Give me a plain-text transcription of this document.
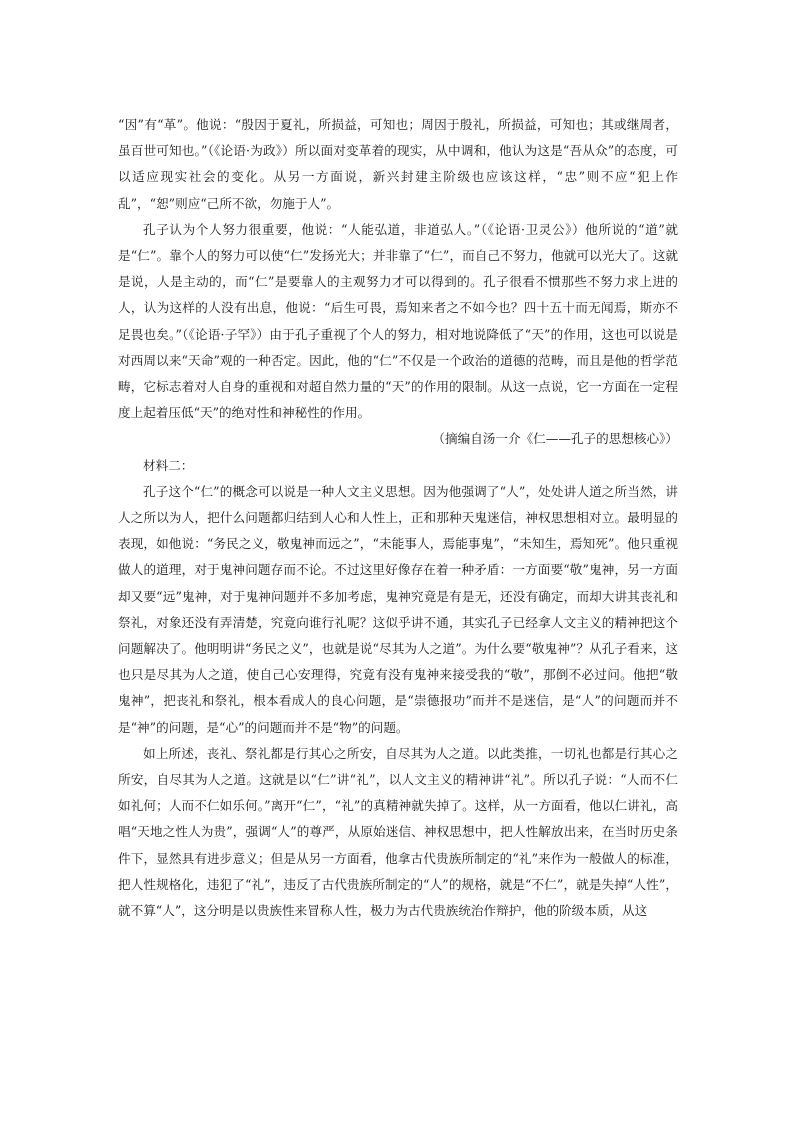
“因”有“革”。他说：“殷因于夏礼，所损益，可知也；周因于殷礼，所损益，可知也；其或继周者，虽百世可知也。”（《论语·为政》）所以面对变革着的现实，从中调和，他认为这是“吾从众”的态度，可以适应现实社会的变化。从另一方面说，新兴封建主阶级也应该这样，“忠”则不应“犯上作乱”，“恕”则应“己所不欲，勿施于人”。

孔子认为个人努力很重要，他说：“人能弘道，非道弘人。”（《论语·卫灵公》）他所说的“道”就是“仁”。靠个人的努力可以使“仁”发扬光大；并非靠了“仁”，而自己不努力，他就可以光大了。这就是说，人是主动的，而“仁”是要靠人的主观努力才可以得到的。孔子很看不惯那些不努力求上进的人，认为这样的人没有出息，他说：“后生可畏，焉知来者之不如今也？四十五十而无闻焉，斯亦不足畏也矣。”（《论语·子罕》）由于孔子重视了个人的努力，相对地说降低了“天”的作用，这也可以说是对西周以来“天命”观的一种否定。因此，他的“仁”不仅是一个政治的道德的范畴，而且是他的哲学范畴，它标志着对人自身的重视和对超自然力量的“天”的作用的限制。从这一点说，它一方面在一定程度上起着压低“天”的绝对性和神秘性的作用。

（摘编自汤一介《仁——孔子的思想核心》）

材料二：

孔子这个“仁”的概念可以说是一种人文主义思想。因为他强调了“人”，处处讲人道之所当然，讲人之所以为人，把什么问题都归结到人心和人性上，正和那种天鬼迷信，神权思想相对立。最明显的表现，如他说：“务民之义，敬鬼神而远之”，“未能事人，焉能事鬼”，“未知生，焉知死”。他只重视做人的道理，对于鬼神问题存而不论。不过这里好像存在着一种矛盾：一方面要“敬”鬼神，另一方面却又要“远”鬼神，对于鬼神问题并不多加考虑，鬼神究竟是有是无，还没有确定，而却大讲其丧礼和祭礼，对象还没有弄清楚，究竟向谁行礼呢？这似乎讲不通，其实孔子已经拿人文主义的精神把这个问题解决了。他明明讲“务民之义”，也就是说“尽其为人之道”。为什么要“敬鬼神”？从孔子看来，这也只是尽其为人之道，使自己心安理得，究竟有没有鬼神来接受我的“敬”，那倒不必过问。他把“敬鬼神”，把丧礼和祭礼，根本看成人的良心问题，是“崇德报功”而并不是迷信，是“人”的问题而并不是“神”的问题，是“心”的问题而并不是“物”的问题。

如上所述，丧礼、祭礼都是行其心之所安，自尽其为人之道。以此类推，一切礼也都是行其心之所安，自尽其为人之道。这就是以“仁”讲“礼”，以人文主义的精神讲“礼”。所以孔子说：“人而不仁如礼何；人而不仁如乐何。”离开“仁”，“礼”的真精神就失掉了。这样，从一方面看，他以仁讲礼，高唱“天地之性人为贵”，强调“人”的尊严，从原始迷信、神权思想中，把人性解放出来，在当时历史条件下，显然具有进步意义；但是从另一方面看，他拿古代贵族所制定的“礼”来作为一般做人的标准，把人性规格化，违犯了“礼”，违反了古代贵族所制定的“人”的规格，就是“不仁”，就是失掉“人性”，就不算“人”，这分明是以贵族性来冒称人性，极力为古代贵族统治作辩护，他的阶级本质，从这
